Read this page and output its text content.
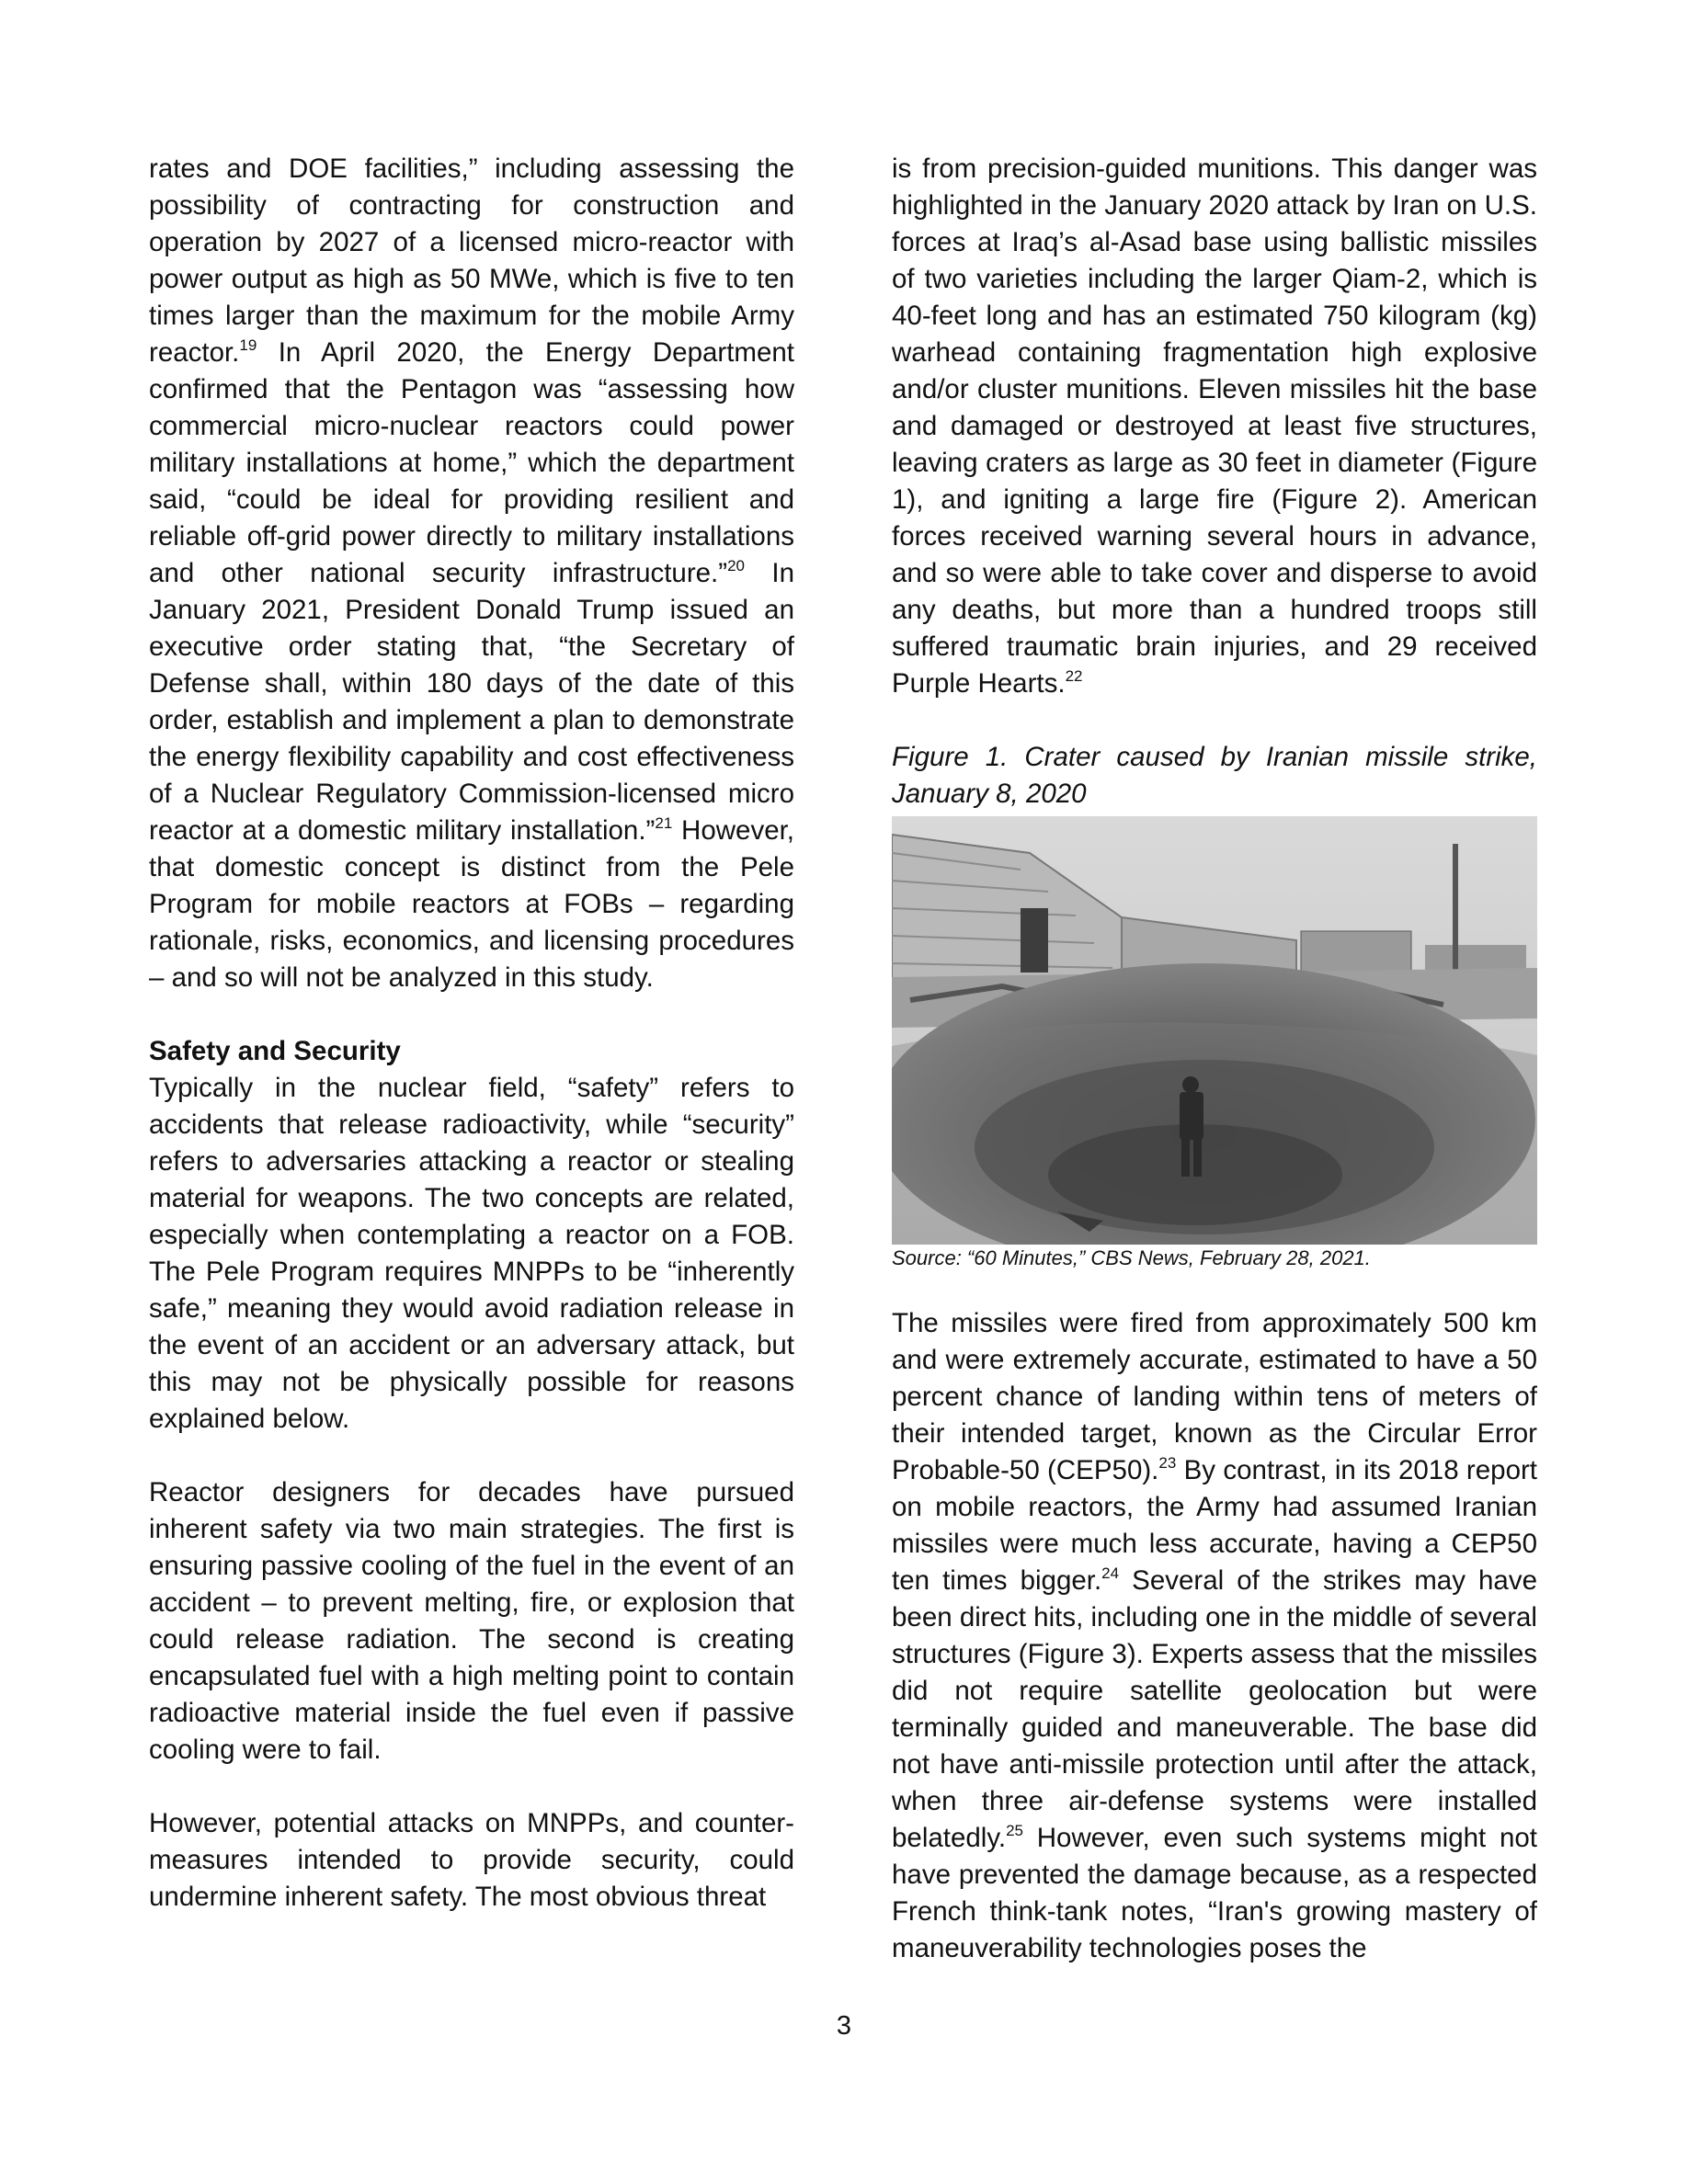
rates and DOE facilities,” including assessing the possibility of contracting for construction and operation by 2027 of a licensed micro-reactor with power output as high as 50 MWe, which is five to ten times larger than the maximum for the mobile Army reactor.$^{19}$ In April 2020, the Energy Department confirmed that the Pentagon was “assessing how commercial micro-nuclear reactors could power military installations at home,” which the department said, “could be ideal for providing resilient and reliable off-grid power directly to military installations and other national security infrastructure.”$^{20}$ In January 2021, President Donald Trump issued an executive order stating that, “the Secretary of Defense shall, within 180 days of the date of this order, establish and implement a plan to demonstrate the energy flexibility capability and cost effectiveness of a Nuclear Regulatory Commission-licensed micro reactor at a domestic military installation.”$^{21}$ However, that domestic concept is distinct from the Pele Program for mobile reactors at FOBs – regarding rationale, risks, economics, and licensing procedures – and so will not be analyzed in this study.

Safety and Security

Typically in the nuclear field, “safety” refers to accidents that release radioactivity, while “security” refers to adversaries attacking a reactor or stealing material for weapons. The two concepts are related, especially when contemplating a reactor on a FOB. The Pele Program requires MNPPs to be “inherently safe,” meaning they would avoid radiation release in the event of an accident or an adversary attack, but this may not be physically possible for reasons explained below.

Reactor designers for decades have pursued inherent safety via two main strategies. The first is ensuring passive cooling of the fuel in the event of an accident – to prevent melting, fire, or explosion that could release radiation. The second is creating encapsulated fuel with a high melting point to contain radioactive material inside the fuel even if passive cooling were to fail.

However, potential attacks on MNPPs, and counter-measures intended to provide security, could undermine inherent safety. The most obvious threat

is from precision-guided munitions. This danger was highlighted in the January 2020 attack by Iran on U.S. forces at Iraq’s al-Asad base using ballistic missiles of two varieties including the larger Qiam-2, which is 40-feet long and has an estimated 750 kilogram (kg) warhead containing fragmentation high explosive and/or cluster munitions. Eleven missiles hit the base and damaged or destroyed at least five structures, leaving craters as large as 30 feet in diameter (Figure 1), and igniting a large fire (Figure 2). American forces received warning several hours in advance, and so were able to take cover and disperse to avoid any deaths, but more than a hundred troops still suffered traumatic brain injuries, and 29 received Purple Hearts.$^{22}$

Figure 1. Crater caused by Iranian missile strike, January 8, 2020

Source: “60 Minutes,” CBS News, February 28, 2021.

The missiles were fired from approximately 500 km and were extremely accurate, estimated to have a 50 percent chance of landing within tens of meters of their intended target, known as the Circular Error Probable-50 (CEP50).$^{23}$ By contrast, in its 2018 report on mobile reactors, the Army had assumed Iranian missiles were much less accurate, having a CEP50 ten times bigger.$^{24}$ Several of the strikes may have been direct hits, including one in the middle of several structures (Figure 3). Experts assess that the missiles did not require satellite geolocation but were terminally guided and maneuverable. The base did not have anti-missile protection until after the attack, when three air-defense systems were installed belatedly.$^{25}$ However, even such systems might not have prevented the damage because, as a respected French think-tank notes, “Iran's growing mastery of maneuverability technologies poses the

3
